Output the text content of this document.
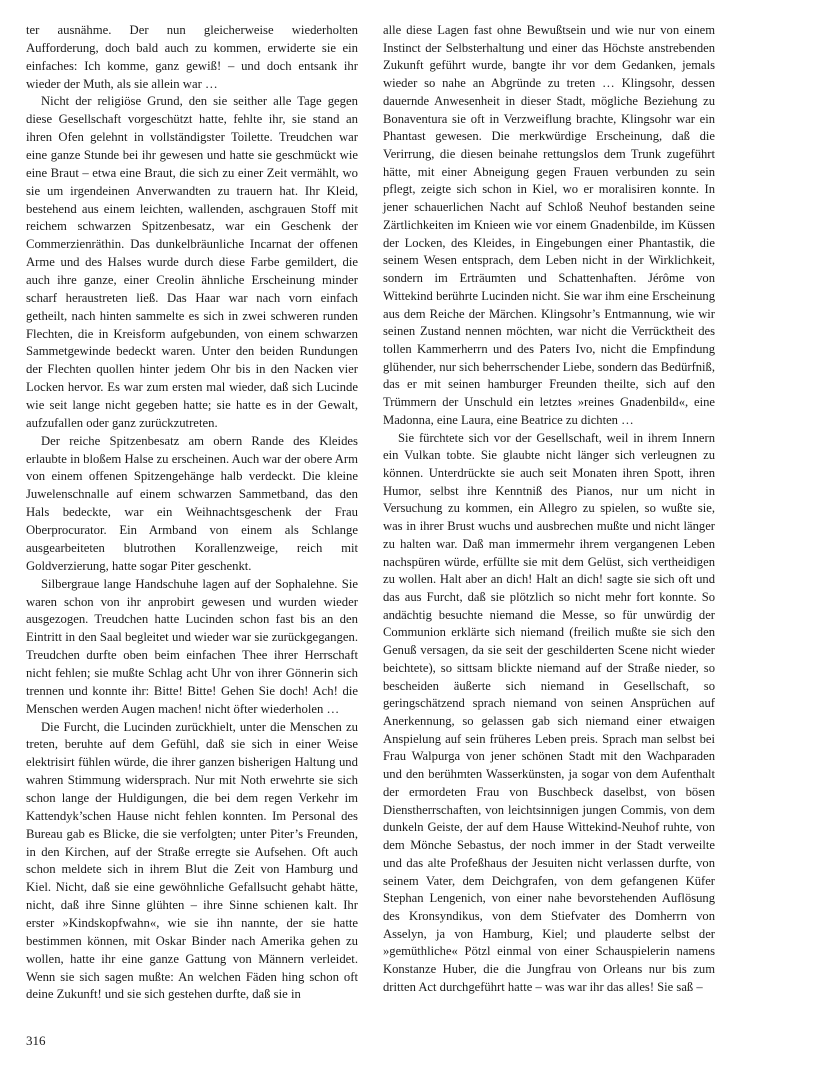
ter ausnähme. Der nun gleicherweise wiederholten Aufforderung, doch bald auch zu kommen, erwiderte sie ein einfaches: Ich komme, ganz gewiß! – und doch entsank ihr wieder der Muth, als sie allein war …

Nicht der religiöse Grund, den sie seither alle Tage gegen diese Gesellschaft vorgeschützt hatte, fehlte ihr, sie stand an ihren Ofen gelehnt in vollständigster Toilette. Treudchen war eine ganze Stunde bei ihr gewesen und hatte sie geschmückt wie eine Braut – etwa eine Braut, die sich zu einer Zeit vermählt, wo sie um irgendeinen Anverwandten zu trauern hat. Ihr Kleid, bestehend aus einem leichten, wallenden, aschgrauen Stoff mit reichem schwarzen Spitzenbesatz, war ein Geschenk der Commerzienräthin. Das dunkelbräunliche Incarnat der offenen Arme und des Halses wurde durch diese Farbe gemildert, die auch ihre ganze, einer Creolin ähnliche Erscheinung minder scharf heraustreten ließ. Das Haar war nach vorn einfach getheilt, nach hinten sammelte es sich in zwei schweren runden Flechten, die in Kreisform aufgebunden, von einem schwarzen Sammetgewinde bedeckt waren. Unter den beiden Rundungen der Flechten quollen hinter jedem Ohr bis in den Nacken vier Locken hervor. Es war zum ersten mal wieder, daß sich Lucinde wie seit lange nicht gegeben hatte; sie hatte es in der Gewalt, aufzufallen oder ganz zurückzutreten.

Der reiche Spitzenbesatz am obern Rande des Kleides erlaubte in bloßem Halse zu erscheinen. Auch war der obere Arm von einem offenen Spitzengehänge halb verdeckt. Die kleine Juwelenschnalle auf einem schwarzen Sammetband, das den Hals bedeckte, war ein Weihnachtsgeschenk der Frau Oberprocurator. Ein Armband von einem als Schlange ausgearbeiteten blutrothen Korallenzweige, reich mit Goldverzierung, hatte sogar Piter geschenkt.

Silbergraue lange Handschuhe lagen auf der Sophalehne. Sie waren schon von ihr anprobirt gewesen und wurden wieder ausgezogen. Treudchen hatte Lucinden schon fast bis an den Eintritt in den Saal begleitet und wieder war sie zurückgegangen. Treudchen durfte oben beim einfachen Thee ihrer Herrschaft nicht fehlen; sie mußte Schlag acht Uhr von ihrer Gönnerin sich trennen und konnte ihr: Bitte! Bitte! Gehen Sie doch! Ach! die Menschen werden Augen machen! nicht öfter wiederholen …

Die Furcht, die Lucinden zurückhielt, unter die Menschen zu treten, beruhte auf dem Gefühl, daß sie sich in einer Weise elektrisirt fühlen würde, die ihrer ganzen bisherigen Haltung und wahren Stimmung widersprach. Nur mit Noth erwehrte sie sich schon lange der Huldigungen, die bei dem regen Verkehr im Kattendyk’schen Hause nicht fehlen konnten. Im Personal des Bureau gab es Blicke, die sie verfolgten; unter Piter’s Freunden, in den Kirchen, auf der Straße erregte sie Aufsehen. Oft auch schon meldete sich in ihrem Blut die Zeit von Hamburg und Kiel. Nicht, daß sie eine gewöhnliche Gefallsucht gehabt hätte, nicht, daß ihre Sinne glühten – ihre Sinne schienen kalt. Ihr erster »Kindskopfwahn«, wie sie ihn nannte, der sie hatte bestimmen können, mit Oskar Binder nach Amerika gehen zu wollen, hatte ihr eine ganze Gattung von Männern verleidet. Wenn sie sich sagen mußte: An welchen Fäden hing schon oft deine Zukunft! und sie sich gestehen durfte, daß sie in

alle diese Lagen fast ohne Bewußtsein und wie nur von einem Instinct der Selbsterhaltung und einer das Höchste anstrebenden Zukunft geführt wurde, bangte ihr vor dem Gedanken, jemals wieder so nahe an Abgründe zu treten … Klingsohr, dessen dauernde Anwesenheit in dieser Stadt, mögliche Beziehung zu Bonaventura sie oft in Verzweiflung brachte, Klingsohr war ein Phantast gewesen. Die merkwürdige Erscheinung, daß die Verirrung, die diesen beinahe rettungslos dem Trunk zugeführt hätte, mit einer Abneigung gegen Frauen verbunden zu sein pflegt, zeigte sich schon in Kiel, wo er moralisiren konnte. In jener schauerlichen Nacht auf Schloß Neuhof bestanden seine Zärtlichkeiten im Knieen wie vor einem Gnadenbilde, im Küssen der Locken, des Kleides, in Eingebungen einer Phantastik, die seinem Wesen entsprach, dem Leben nicht in der Wirklichkeit, sondern im Erträumten und Schattenhaften. Jérôme von Wittekind berührte Lucinden nicht. Sie war ihm eine Erscheinung aus dem Reiche der Märchen. Klingsohr’s Entmannung, wie wir seinen Zustand nennen möchten, war nicht die Verrücktheit des tollen Kammerherrn und des Paters Ivo, nicht die Empfindung glühender, nur sich beherrschender Liebe, sondern das Bedürfniß, das er mit seinen hamburger Freunden theilte, sich auf den Trümmern der Unschuld ein letztes »reines Gnadenbild«, eine Madonna, eine Laura, eine Beatrice zu dichten …

Sie fürchtete sich vor der Gesellschaft, weil in ihrem Innern ein Vulkan tobte. Sie glaubte nicht länger sich verleugnen zu können. Unterdrückte sie auch seit Monaten ihren Spott, ihren Humor, selbst ihre Kenntniß des Pianos, nur um nicht in Versuchung zu kommen, ein Allegro zu spielen, so wußte sie, was in ihrer Brust wuchs und ausbrechen mußte und nicht länger zu halten war. Daß man immermehr ihrem vergangenen Leben nachspüren würde, erfüllte sie mit dem Gelüst, sich vertheidigen zu wollen. Halt aber an dich! Halt an dich! sagte sie sich oft und das aus Furcht, daß sie plötzlich so nicht mehr fort konnte. So andächtig besuchte niemand die Messe, so für unwürdig der Communion erklärte sich niemand (freilich mußte sie sich den Genuß versagen, da sie seit der geschilderten Scene nicht wieder beichtete), so sittsam blickte niemand auf der Straße nieder, so bescheiden äußerte sich niemand in Gesellschaft, so geringschätzend sprach niemand von seinen Ansprüchen auf Anerkennung, so gelassen gab sich niemand einer etwaigen Anspielung auf sein früheres Leben preis. Sprach man selbst bei Frau Walpurga von jener schönen Stadt mit den Wachparaden und den berühmten Wasserkünsten, ja sogar von dem Aufenthalt der ermordeten Frau von Buschbeck daselbst, von bösen Dienstherrschaften, von leichtsinnigen jungen Commis, von dem dunkeln Geiste, der auf dem Hause Wittekind-Neuhof ruhte, von dem Mönche Sebastus, der noch immer in der Stadt verweilte und das alte Profeßhaus der Jesuiten nicht verlassen durfte, von seinem Vater, dem Deichgrafen, von dem gefangenen Küfer Stephan Lengenich, von einer nahe bevorstehenden Auflösung des Kronsyndikus, von dem Stiefvater des Domherrn von Asselyn, ja von Hamburg, Kiel; und plauderte selbst der »gemüthliche« Pötzl einmal von einer Schauspielerin namens Konstanze Huber, die die Jungfrau von Orleans nur bis zum dritten Act durchgeführt hatte – was war ihr das alles! Sie saß –

316
